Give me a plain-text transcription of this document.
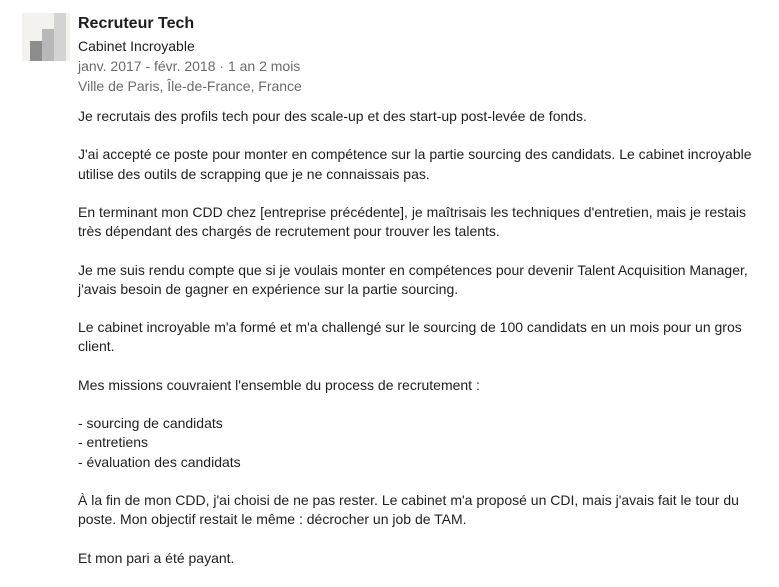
Recruteur Tech
Cabinet Incroyable
janv. 2017 - févr. 2018 · 1 an 2 mois
Ville de Paris, Île-de-France, France

Je recrutais des profils tech pour des scale-up et des start-up post-levée de fonds.

J'ai accepté ce poste pour monter en compétence sur la partie sourcing des candidats. Le cabinet incroyable utilise des outils de scrapping que je ne connaissais pas.

En terminant mon CDD chez [entreprise précédente], je maîtrisais les techniques d'entretien, mais je restais très dépendant des chargés de recrutement pour trouver les talents.

Je me suis rendu compte que si je voulais monter en compétences pour devenir Talent Acquisition Manager, j'avais besoin de gagner en expérience sur la partie sourcing.

Le cabinet incroyable m'a formé et m'a challengé sur le sourcing de 100 candidats en un mois pour un gros client.

Mes missions couvraient l'ensemble du process de recrutement :

- sourcing de candidats
- entretiens
- évaluation des candidats

À la fin de mon CDD, j'ai choisi de ne pas rester. Le cabinet m'a proposé un CDI, mais j'avais fait le tour du poste. Mon objectif restait le même : décrocher un job de TAM.

Et mon pari a été payant.
